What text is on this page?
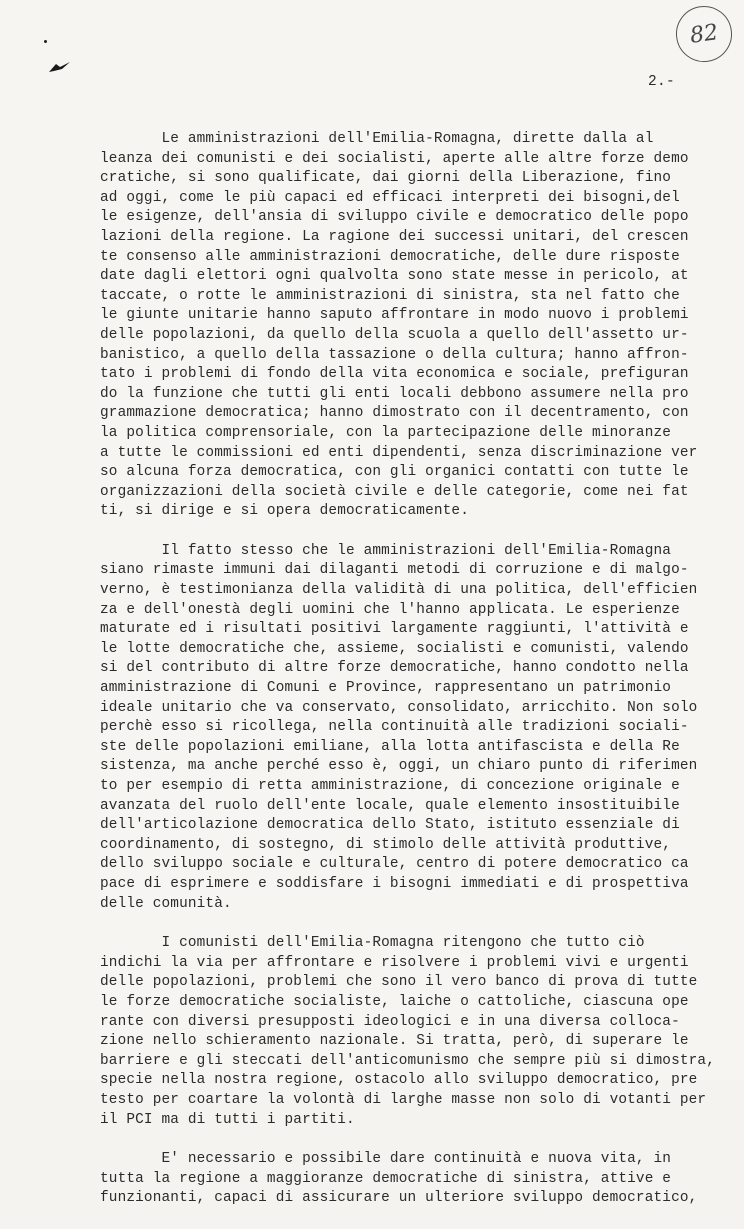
82
2.-
Le amministrazioni dell'Emilia-Romagna, dirette dalla al
leanza dei comunisti e dei socialisti, aperte alle altre forze demo
cratiche, si sono qualificate, dai giorni della Liberazione, fino
ad oggi, come le più capaci ed efficaci interpreti dei bisogni,del
le esigenze, dell'ansia di sviluppo civile e democratico delle popo
lazioni della regione. La ragione dei successi unitari, del crescen
te consenso alle amministrazioni democratiche, delle dure risposte
date dagli elettori ogni qualvolta sono state messe in pericolo, at
taccate, o rotte le amministrazioni di sinistra, sta nel fatto che
le giunte unitarie hanno saputo affrontare in modo nuovo i problemi
delle popolazioni, da quello della scuola a quello dell'assetto ur-
banistico, a quello della tassazione o della cultura; hanno affron-
tato i problemi di fondo della vita economica e sociale, prefiguran
do la funzione che tutti gli enti locali debbono assumere nella pro
grammazione democratica; hanno dimostrato con il decentramento, con
la politica comprensoriale, con la partecipazione delle minoranze
a tutte le commissioni ed enti dipendenti, senza discriminazione ver
so alcuna forza democratica, con gli organici contatti con tutte le
organizzazioni della società civile e delle categorie, come nei fat
ti, si dirige e si opera democraticamente.
Il fatto stesso che le amministrazioni dell'Emilia-Romagna
siano rimaste immuni dai dilaganti metodi di corruzione e di malgo-
verno, è testimonianza della validità di una politica, dell'efficien
za e dell'onestà degli uomini che l'hanno applicata. Le esperienze
maturate ed i risultati positivi largamente raggiunti, l'attività e
le lotte democratiche che, assieme, socialisti e comunisti, valendo
si del contributo di altre forze democratiche, hanno condotto nella
amministrazione di Comuni e Province, rappresentano un patrimonio
ideale unitario che va conservato, consolidato, arricchito. Non solo
perchè esso si ricollega, nella continuità alle tradizioni sociali-
ste delle popolazioni emiliane, alla lotta antifascista e della Re
sistenza, ma anche perché esso è, oggi, un chiaro punto di riferimen
to per esempio di retta amministrazione, di concezione originale e
avanzata del ruolo dell'ente locale, quale elemento insostituibile
dell'articolazione democratica dello Stato, istituto essenziale di
coordinamento, di sostegno, di stimolo delle attività produttive,
dello sviluppo sociale e culturale, centro di potere democratico ca
pace di esprimere e soddisfare i bisogni immediati e di prospettiva
delle comunità.
I comunisti dell'Emilia-Romagna ritengono che tutto ciò
indichi la via per affrontare e risolvere i problemi vivi e urgenti
delle popolazioni, problemi che sono il vero banco di prova di tutte
le forze democratiche socialiste, laiche o cattoliche, ciascuna ope
rante con diversi presupposti ideologici e in una diversa colloca-
zione nello schieramento nazionale. Si tratta, però, di superare le
barriere e gli steccati dell'anticomunismo che sempre più si dimostra,
specie nella nostra regione, ostacolo allo sviluppo democratico, pre
testo per coartare la volontà di larghe masse non solo di votanti per
il PCI ma di tutti i partiti.
E' necessario e possibile dare continuità e nuova vita, in
tutta la regione a maggioranze democratiche di sinistra, attive e
funzionanti, capaci di assicurare un ulteriore sviluppo democratico,
